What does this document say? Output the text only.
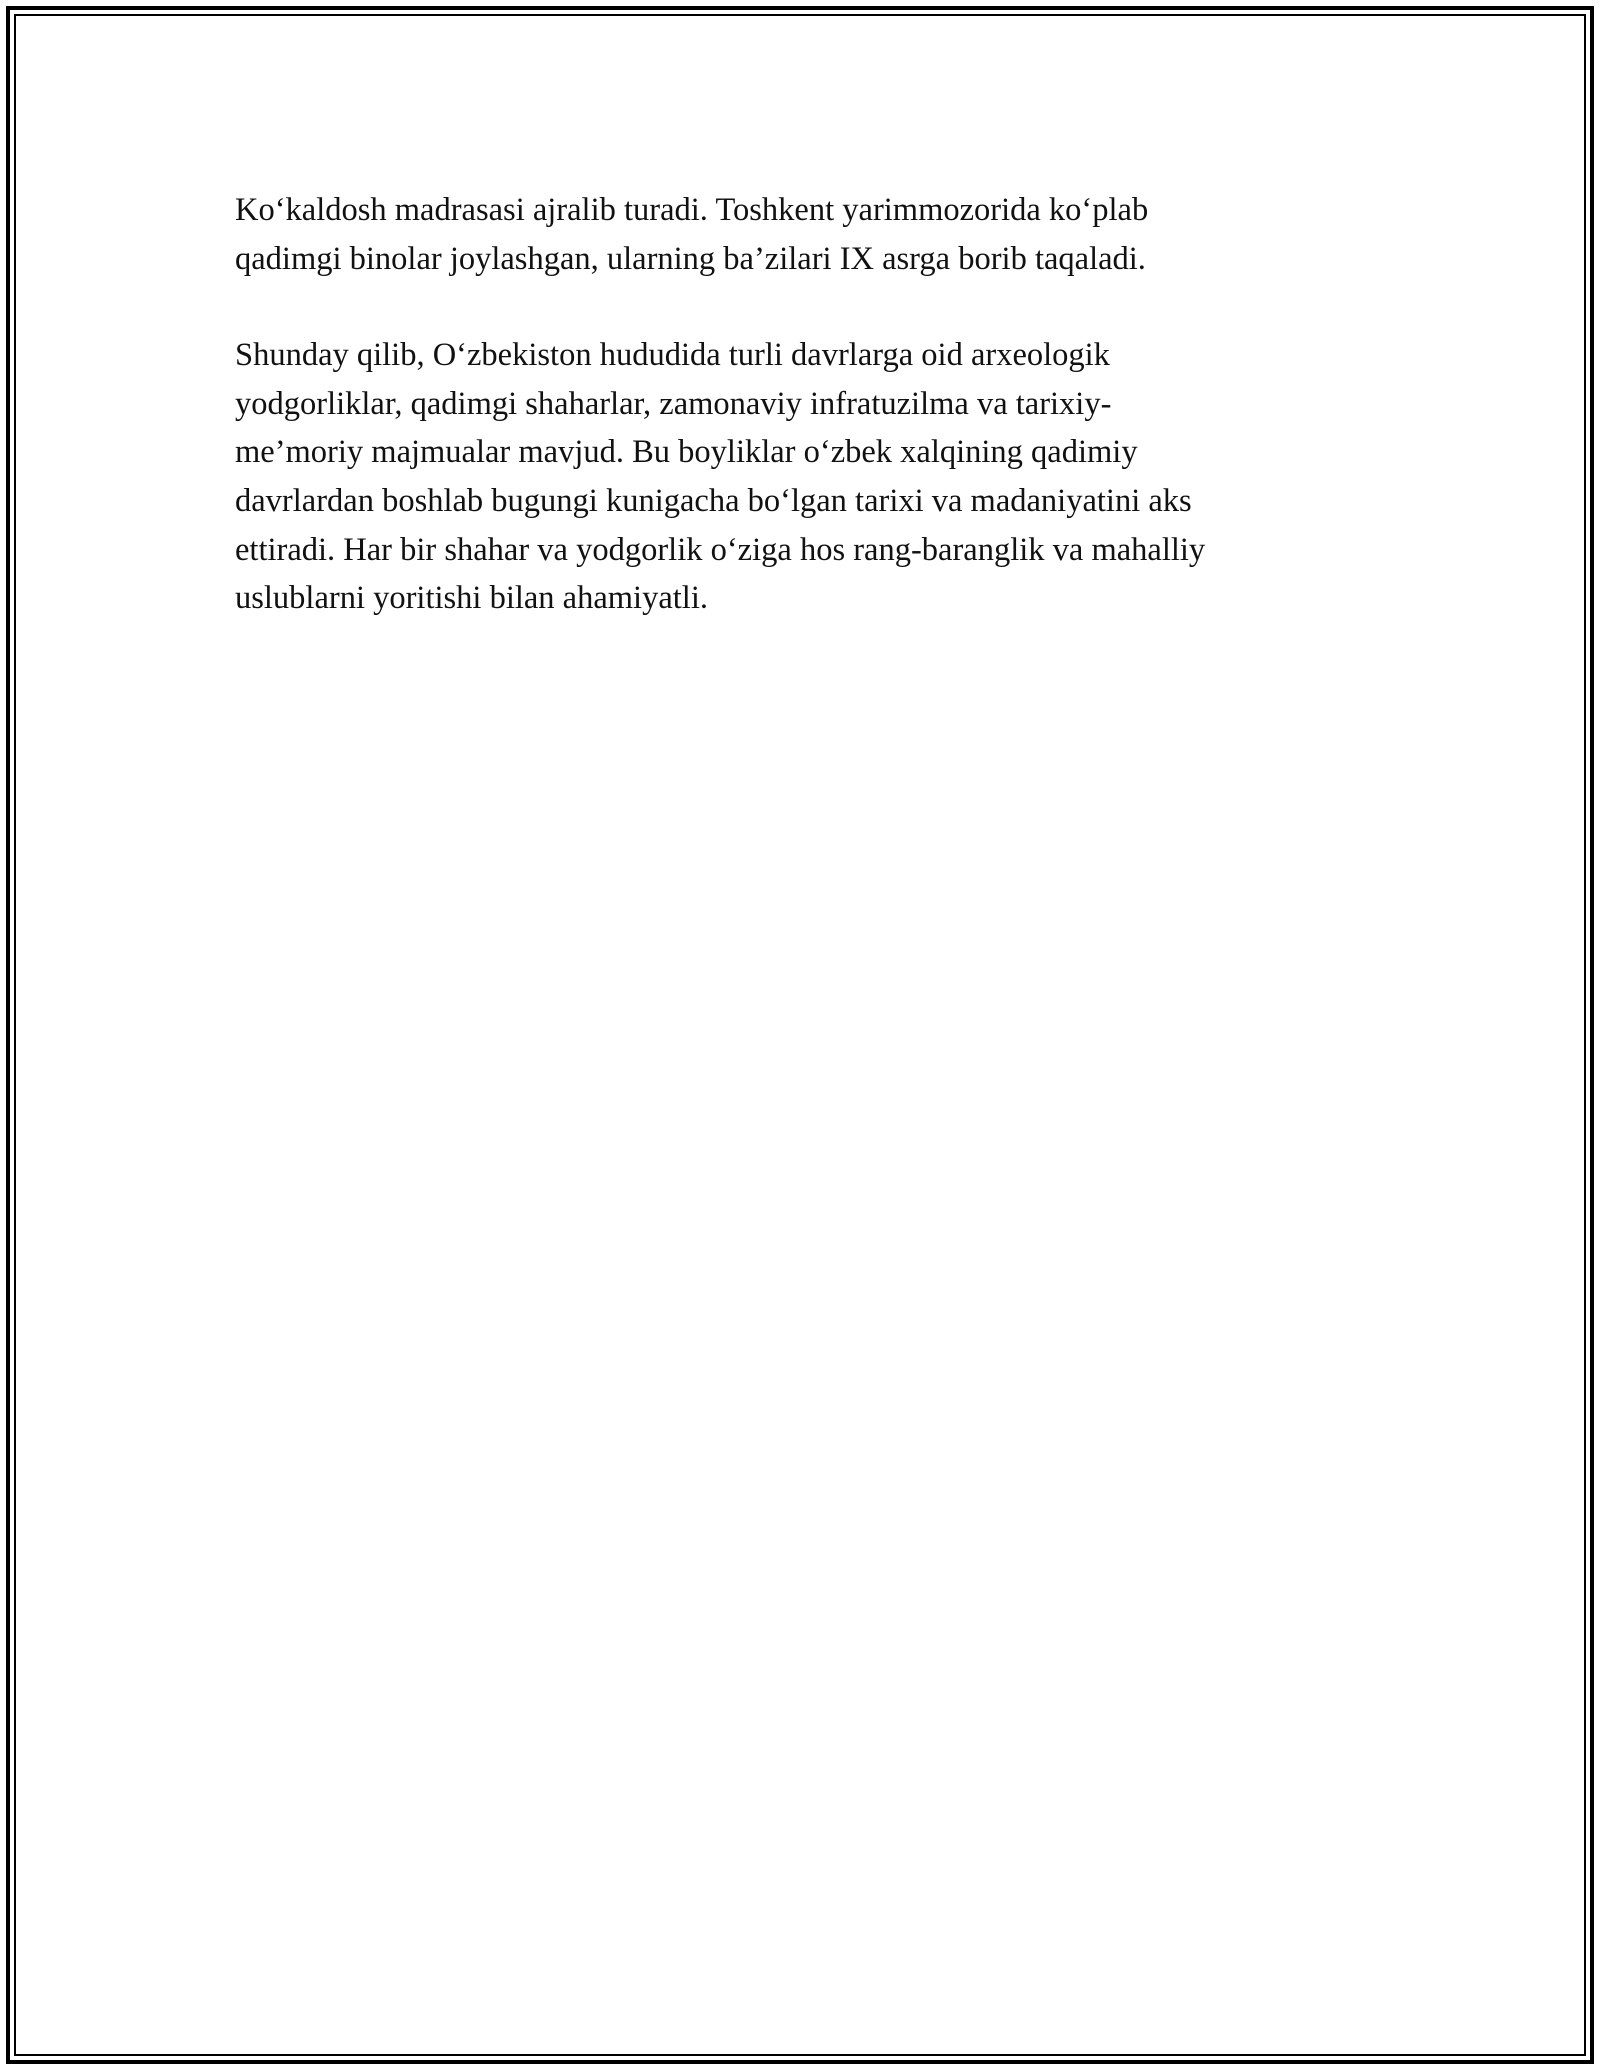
Ko‘kaldosh madrasasi ajralib turadi. Toshkent yarimmozorida ko‘plab
qadimgi binolar joylashgan, ularning ba’zilari IX asrga borib taqaladi.

Shunday qilib, O‘zbekiston hududida turli davrlarga oid arxeologik
yodgorliklar, qadimgi shaharlar, zamonaviy infratuzilma va tarixiy-
me’moriy majmualar mavjud. Bu boyliklar o‘zbek xalqining qadimiy
davrlardan boshlab bugungi kunigacha bo‘lgan tarixi va madaniyatini aks
ettiradi. Har bir shahar va yodgorlik o‘ziga hos rang-baranglik va mahalliy
uslublarni yoritishi bilan ahamiyatli.
